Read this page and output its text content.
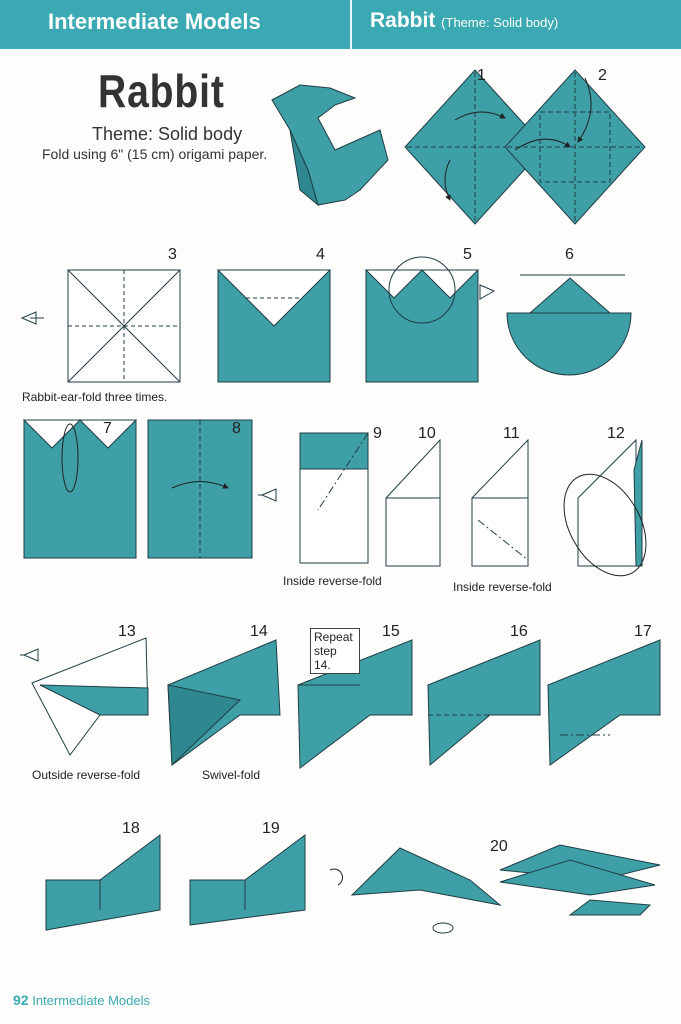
Intermediate Models	Rabbit (Theme: Solid body)
Rabbit
Theme: Solid body
Fold using 6" (15 cm) origami paper.
1	2
3	4	5	6
7	8	9 10	11	12
13	14	15	16	17
18	19
20
Rabbit-ear-fold three times.
Inside reverse-fold	Inside reverse-fold
Outside reverse-fold	Swivel-fold
Repeat step 14.
92 Intermediate Models
